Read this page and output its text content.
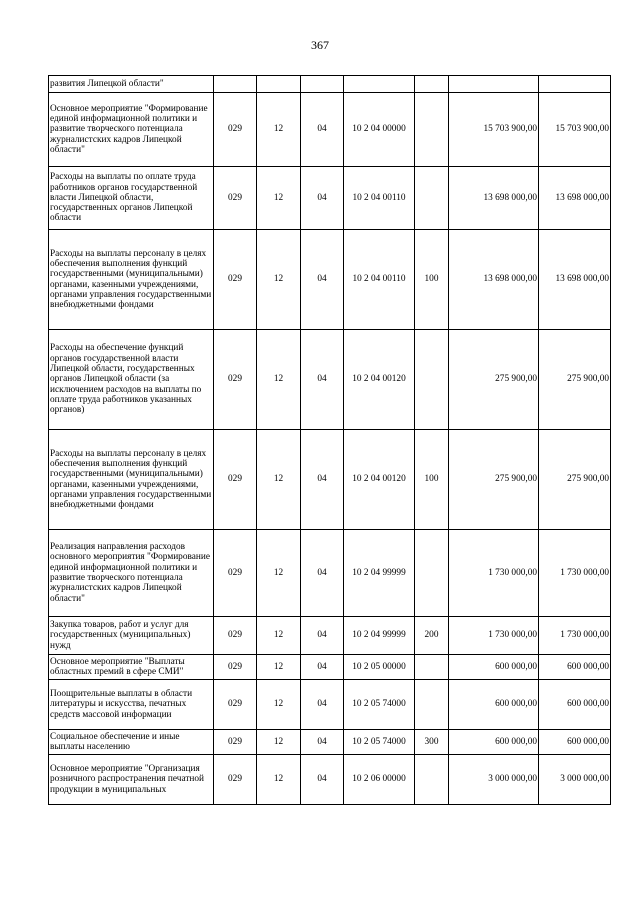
367
развития Липецкой области"							
Основное мероприятие "Формирование единой информационной политики и развитие творческого потенциала журналистских кадров Липецкой области"	029	12	04	10 2 04 00000		15 703 900,00	15 703 900,00
Расходы на выплаты по оплате труда работников органов государственной власти Липецкой области, государственных органов Липецкой области	029	12	04	10 2 04 00110		13 698 000,00	13 698 000,00
Расходы на выплаты персоналу в целях обеспечения выполнения функций государственными (муниципальными) органами, казенными учреждениями, органами управления государственными внебюджетными фондами	029	12	04	10 2 04 00110	100	13 698 000,00	13 698 000,00
Расходы на обеспечение функций органов государственной власти Липецкой области, государственных органов Липецкой области (за исключением расходов на выплаты по оплате труда работников указанных органов)	029	12	04	10 2 04 00120		275 900,00	275 900,00
Расходы на выплаты персоналу в целях обеспечения выполнения функций государственными (муниципальными) органами, казенными учреждениями, органами управления государственными внебюджетными фондами	029	12	04	10 2 04 00120	100	275 900,00	275 900,00
Реализация направления расходов основного мероприятия "Формирование единой информационной политики и развитие творческого потенциала журналистских кадров Липецкой области"	029	12	04	10 2 04 99999		1 730 000,00	1 730 000,00
Закупка товаров, работ и услуг для государственных (муниципальных) нужд	029	12	04	10 2 04 99999	200	1 730 000,00	1 730 000,00
Основное мероприятие "Выплаты областных премий в сфере СМИ"	029	12	04	10 2 05 00000		600 000,00	600 000,00
Поощрительные выплаты в области литературы и искусства, печатных средств массовой информации	029	12	04	10 2 05 74000		600 000,00	600 000,00
Социальное обеспечение и иные выплаты населению	029	12	04	10 2 05 74000	300	600 000,00	600 000,00
Основное мероприятие "Организация розничного распространения печатной продукции в муниципальных	029	12	04	10 2 06 00000		3 000 000,00	3 000 000,00
